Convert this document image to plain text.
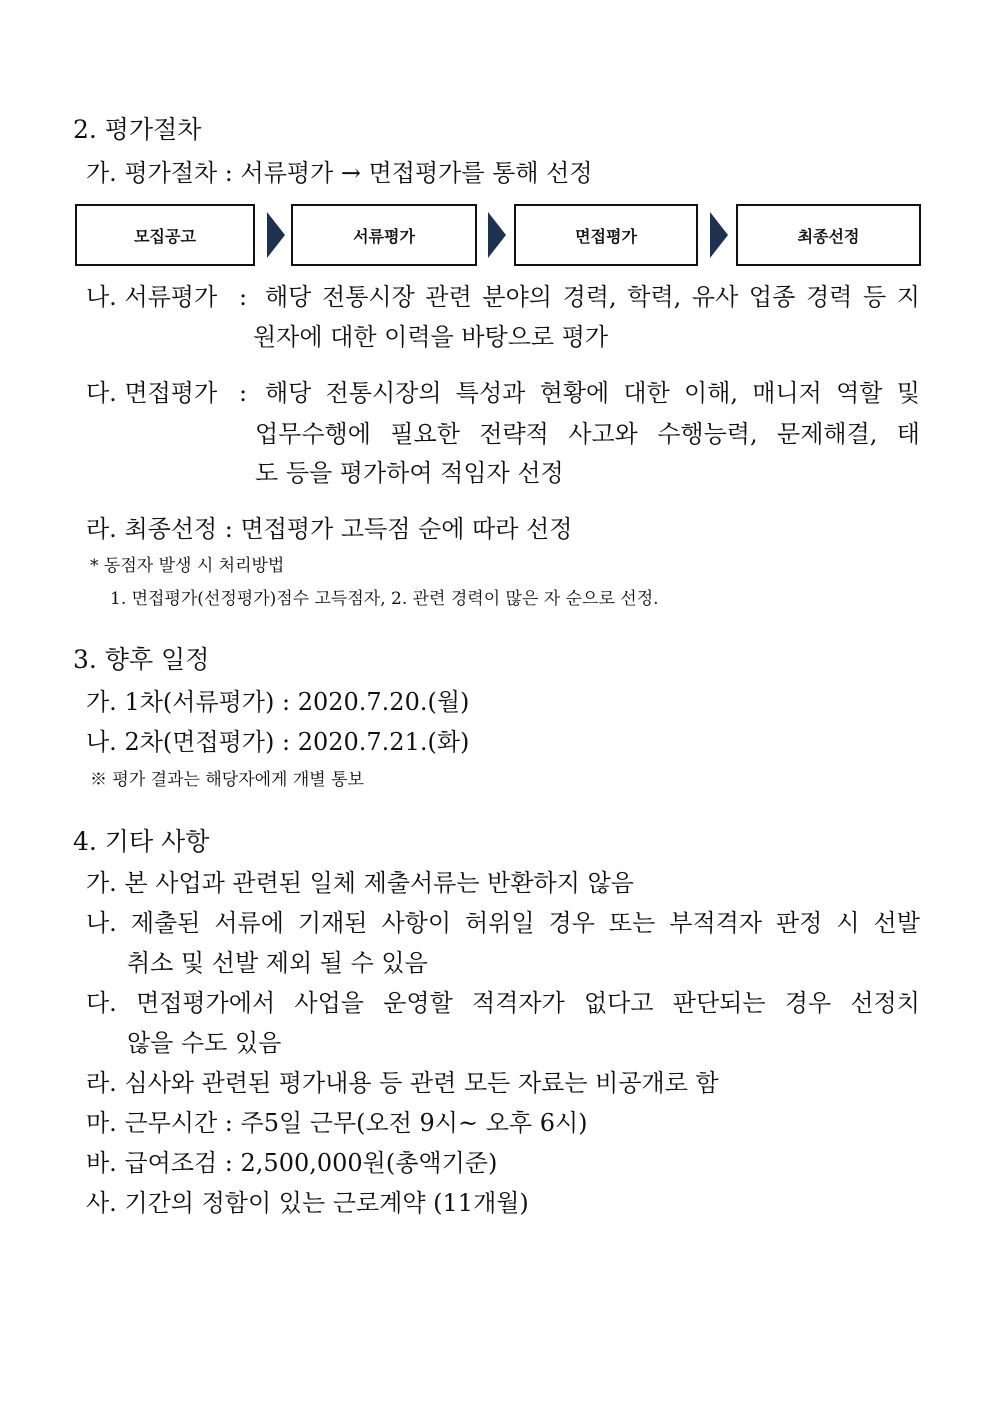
2. 평가절차
가. 평가절차 : 서류평가 → 면접평가를 통해 선정
모집공고	서류평가	면접평가	최종선정
나. 서류평가 : 해당 전통시장 관련 분야의 경력, 학력, 유사 업종 경력 등 지
원자에 대한 이력을 바탕으로 평가
다. 면접평가 : 해당 전통시장의 특성과 현황에 대한 이해, 매니저 역할 및
업무수행에 필요한 전략적 사고와 수행능력, 문제해결, 태
도 등을 평가하여 적임자 선정
라. 최종선정 : 면접평가 고득점 순에 따라 선정
* 동점자 발생 시 처리방법
1. 면접평가(선정평가)점수 고득점자, 2. 관련 경력이 많은 자 순으로 선정.
3. 향후 일정
가. 1차(서류평가) : 2020.7.20.(월)
나. 2차(면접평가) : 2020.7.21.(화)
※ 평가 결과는 해당자에게 개별 통보
4. 기타 사항
가. 본 사업과 관련된 일체 제출서류는 반환하지 않음
나. 제출된 서류에 기재된 사항이 허위일 경우 또는 부적격자 판정 시 선발
취소 및 선발 제외 될 수 있음
다. 면접평가에서 사업을 운영할 적격자가 없다고 판단되는 경우 선정치
않을 수도 있음
라. 심사와 관련된 평가내용 등 관련 모든 자료는 비공개로 함
마. 근무시간 : 주5일 근무(오전 9시~ 오후 6시)
바. 급여조검 : 2,500,000원(총액기준)
사. 기간의 정함이 있는 근로계약 (11개월)
